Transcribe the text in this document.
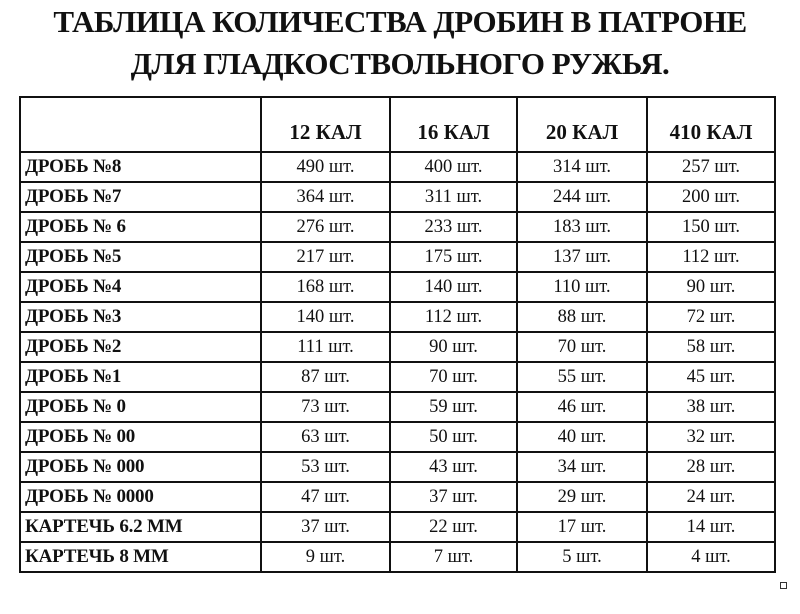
ТАБЛИЦА КОЛИЧЕСТВА ДРОБИН В ПАТРОНЕ
ДЛЯ ГЛАДКОСТВОЛЬНОГО РУЖЬЯ.
	12 КАЛ	16 КАЛ	20 КАЛ	410 КАЛ
ДРОБЬ №8	490 шт.	400 шт.	314 шт.	257 шт.
ДРОБЬ №7	364 шт.	311 шт.	244 шт.	200 шт.
ДРОБЬ № 6	276 шт.	233 шт.	183 шт.	150 шт.
ДРОБЬ №5	217 шт.	175 шт.	137 шт.	112 шт.
ДРОБЬ №4	168 шт.	140 шт.	110 шт.	90 шт.
ДРОБЬ №3	140 шт.	112 шт.	88 шт.	72 шт.
ДРОБЬ №2	111 шт.	90 шт.	70 шт.	58 шт.
ДРОБЬ №1	87 шт.	70 шт.	55 шт.	45 шт.
ДРОБЬ № 0	73 шт.	59 шт.	46 шт.	38 шт.
ДРОБЬ № 00	63 шт.	50 шт.	40 шт.	32 шт.
ДРОБЬ № 000	53 шт.	43 шт.	34 шт.	28 шт.
ДРОБЬ № 0000	47 шт.	37 шт.	29 шт.	24 шт.
КАРТЕЧЬ 6.2 ММ	37 шт.	22 шт.	17 шт.	14 шт.
КАРТЕЧЬ 8 ММ	9 шт.	7 шт.	5 шт.	4 шт.
